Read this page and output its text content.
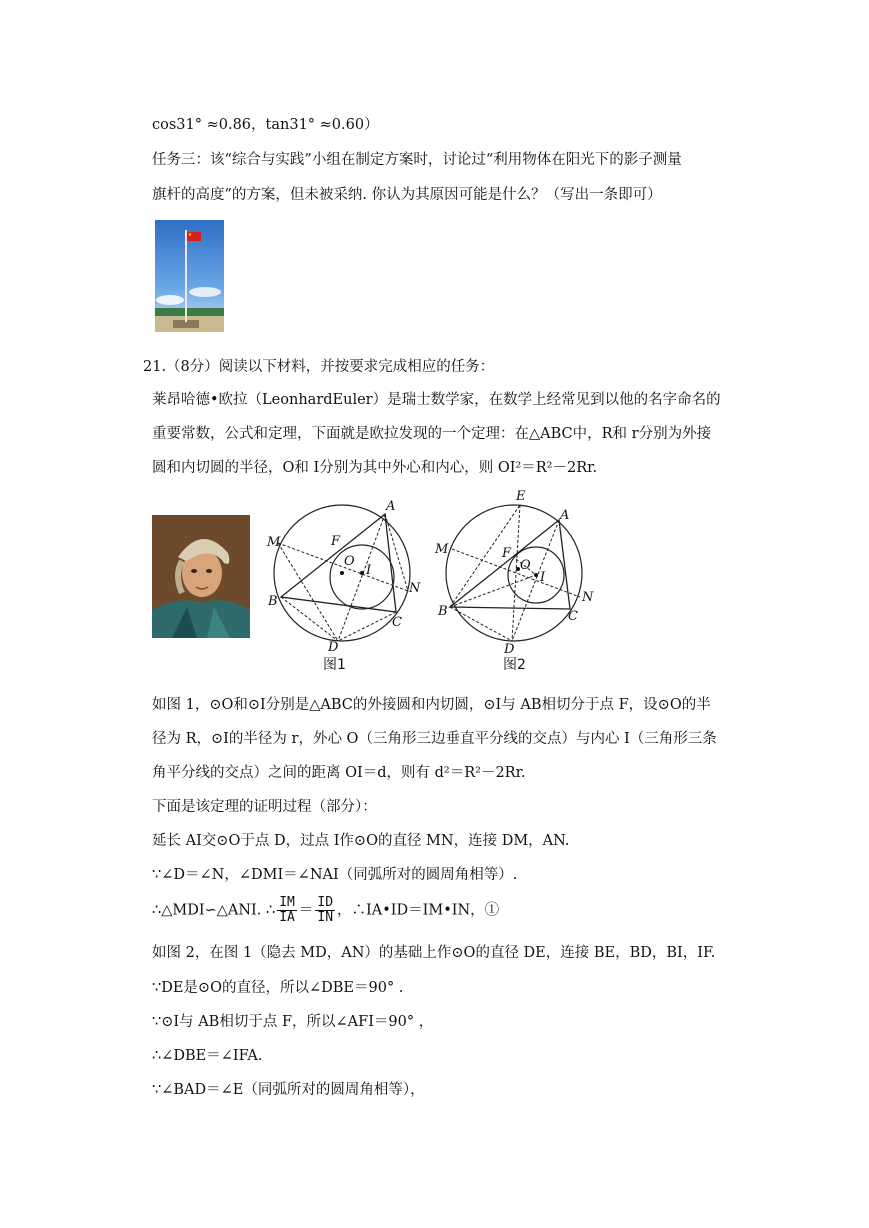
cos31° ≈0.86，tan31° ≈0.60）
任务三：该“综合与实践”小组在制定方案时，讨论过“利用物体在阳光下的影子测量
旗杆的高度”的方案，但未被采纳. 你认为其原因可能是什么？（写出一条即可）
21.（8分）阅读以下材料，并按要求完成相应的任务：
莱昂哈德•欧拉（LeonhardEuler）是瑞士数学家，在数学上经常见到以他的名字命名的
重要常数，公式和定理，下面就是欧拉发现的一个定理：在△ABC中，R和 r分别为外接
圆和内切圆的半径，O和 I分别为其中外心和内心，则 OI²＝R²－2Rr.
A
M	F
O
I
N
B
C
D
图1
E
A
M	F
O
I
N
B	C
D
图2
如图 1，⊙O和⊙I分别是△ABC的外接圆和内切圆，⊙I与 AB相切分于点 F，设⊙O的半
径为 R，⊙I的半径为 r，外心 O（三角形三边垂直平分线的交点）与内心 I（三角形三条
角平分线的交点）之间的距离 OI＝d，则有 d²＝R²－2Rr.
下面是该定理的证明过程（部分）：
延长 AI交⊙O于点 D，过点 I作⊙O的直径 MN，连接 DM，AN.
∵∠D＝∠N，∠DMI＝∠NAI（同弧所对的圆周角相等）.
∴△MDI∽△ANI. ∴ $\frac{IM}{IA} = \frac{ID}{IN}$ ，∴IA•ID＝IM•IN，①
如图 2，在图 1（隐去 MD，AN）的基础上作⊙O的直径 DE，连接 BE，BD，BI，IF.
∵DE是⊙O的直径，所以∠DBE＝90° .
∵⊙I与 AB相切于点 F，所以∠AFI＝90° ，
∴∠DBE＝∠IFA.
∵∠BAD＝∠E（同弧所对的圆周角相等），
